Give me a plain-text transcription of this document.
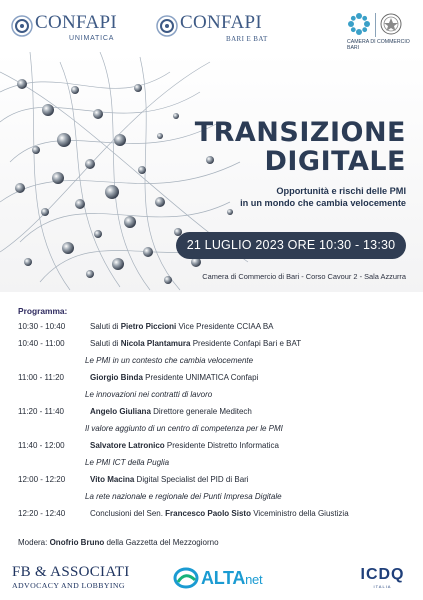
CONFAPI
UNIMATICA
CONFAPI
BARI E BAT	CAMERA DI COMMERCIO
BARI
TRANSIZIONE
DIGITALE
Opportunità e rischi delle PMI
in un mondo che cambia velocemente
21 LUGLIO 2023 ORE 10:30 - 13:30
Camera di Commercio di Bari - Corso Cavour 2 - Sala Azzurra
Programma:
10:30 - 10:40	Saluti di Pietro Piccioni Vice Presidente CCIAA BA
10:40 - 11:00	Saluti di Nicola Plantamura Presidente Confapi Bari e BAT
Le PMI in un contesto che cambia velocemente
11:00 - 11:20	Giorgio Binda Presidente UNIMATICA Confapi
Le innovazioni nei contratti di lavoro
11:20 - 11:40	Angelo Giuliana Direttore generale Meditech
Il valore aggiunto di un centro di competenza per le PMI
11:40 - 12:00	Salvatore Latronico Presidente Distretto Informatica
Le PMI ICT della Puglia
12:00 - 12:20	Vito Macina Digital Specialist del PID di Bari
La rete nazionale e regionale dei Punti Impresa Digitale
12:20 - 12:40	Conclusioni del Sen. Francesco Paolo Sisto Viceministro della Giustizia
Modera: Onofrio Bruno della Gazzetta del Mezzogiorno
FB & ASSOCIATI
ADVOCACY AND LOBBYING	ALTAnet	ICDQ
ITALIA
